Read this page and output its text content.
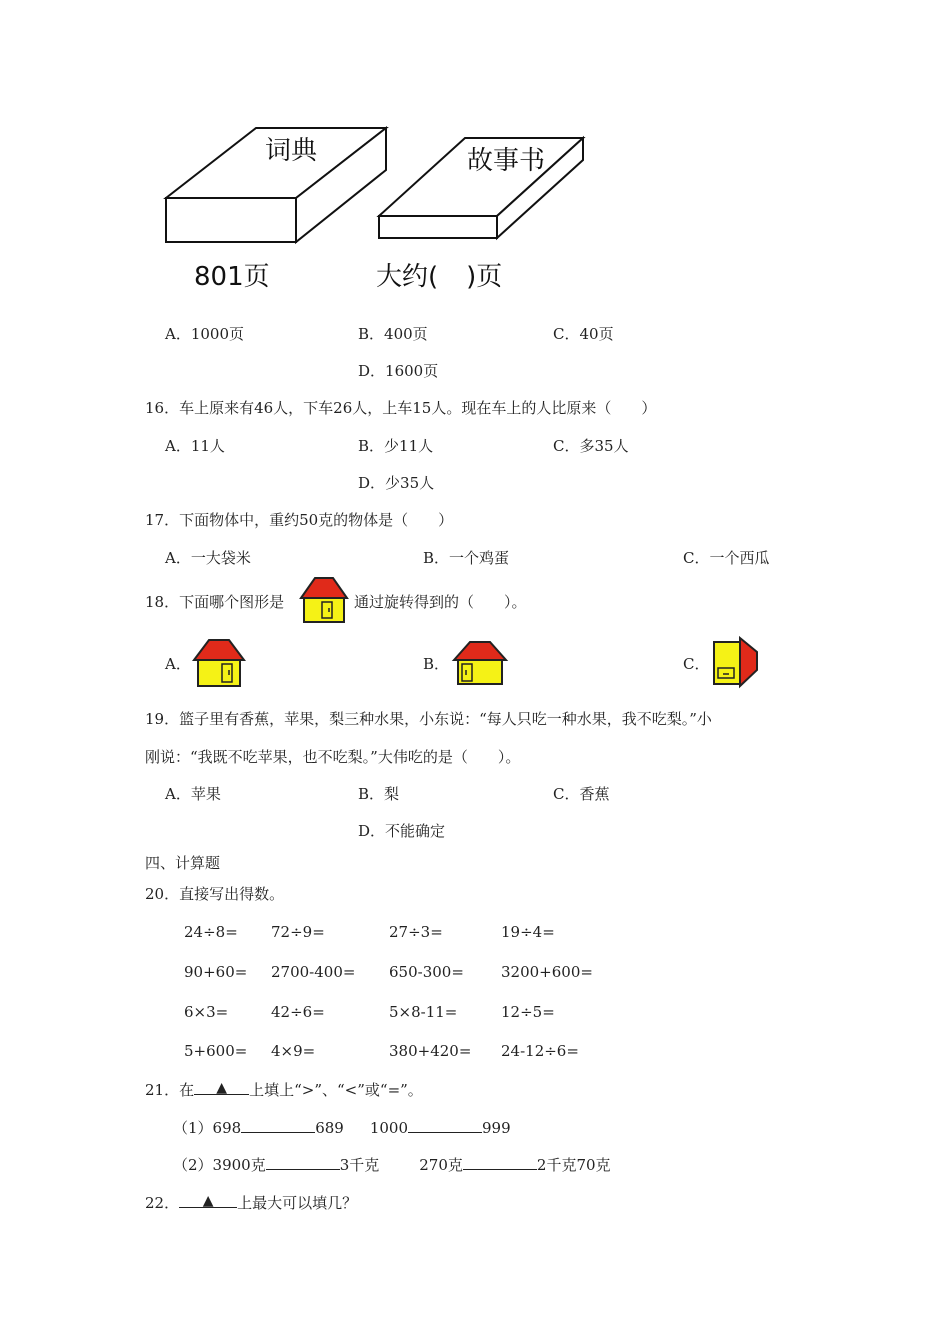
词典	故事书
801页	大约( )页
A．1000页	B．400页	C．40页
D．1600页
16．车上原来有46人，下车26人，上车15人。现在车上的人比原来（　　）
A．11人	B．少11人	C．多35人
D．少35人
17．下面物体中，重约50克的物体是（　　）
A．一大袋米	B．一个鸡蛋	C．一个西瓜
18．下面哪个图形是	通过旋转得到的（　　）。
A．	B．	C．
19．篮子里有香蕉，苹果，梨三种水果，小东说：“每人只吃一种水果，我不吃梨。”小
刚说：“我既不吃苹果，也不吃梨。”大伟吃的是（　　）。
A．苹果	B．梨	C．香蕉
D．不能确定
四、计算题
20．直接写出得数。
24÷8= 72÷9=	27÷3=	19÷4=
90+60= 2700-400= 650-300= 3200+600=
6×3=	42÷6=	5×8-11=	12÷5=
5+600= 4×9=	380+420= 24-12÷6=
21．在 ▲ 上填上“>”、“<”或“=”。
（1）698	689 1000	999
（2）3900克	3千克	270克	2千克70克
22． ▲ 上最大可以填几？
